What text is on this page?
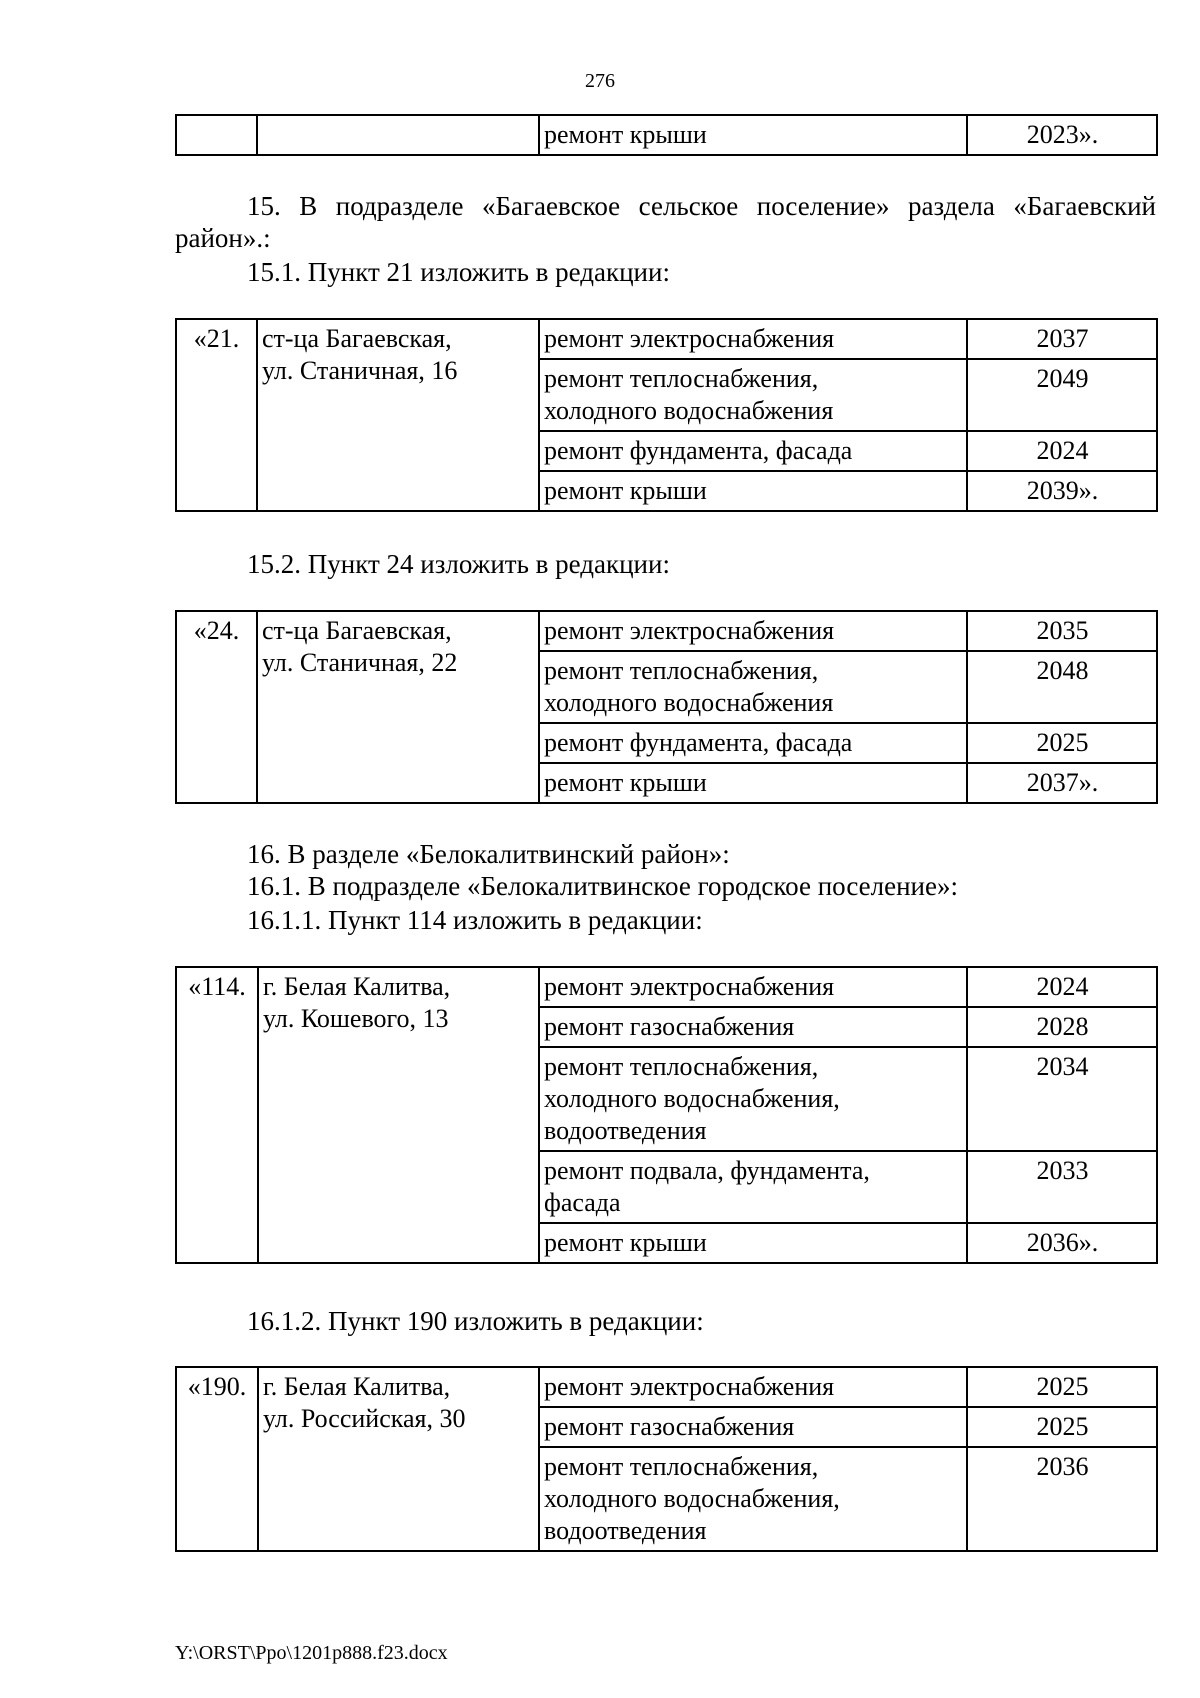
276
		ремонт крыши	2023».
15. В подразделе «Багаевское сельское поселение» раздела «Багаевский район».:
15.1. Пункт 21 изложить в редакции:
«21.	ст-ца Багаевская,
ул. Станичная, 16	ремонт электроснабжения	2037

		ремонт теплоснабжения,
холодного водоснабжения	2049
		ремонт фундамента, фасада	2024
		ремонт крыши	2039».
15.2. Пункт 24 изложить в редакции:
«24.	ст-ца Багаевская,
ул. Станичная, 22	ремонт электроснабжения	2035

		ремонт теплоснабжения,
холодного водоснабжения	2048
		ремонт фундамента, фасада	2025
		ремонт крыши	2037».
16. В разделе «Белокалитвинский район»:
16.1. В подразделе «Белокалитвинское городское поселение»:
16.1.1. Пункт 114 изложить в редакции:
«114.	г. Белая Калитва,
ул. Кошевого, 13	ремонт электроснабжения	2024
		ремонт газоснабжения	2028

		ремонт теплоснабжения,
холодного водоснабжения,
водоотведения	2034

		ремонт подвала, фундамента,
фасада	2033
		ремонт крыши	2036».
16.1.2. Пункт 190 изложить в редакции:
«190.	г. Белая Калитва,
ул. Российская, 30	ремонт электроснабжения	2025
		ремонт газоснабжения	2025

		ремонт теплоснабжения,
холодного водоснабжения,
водоотведения	2036
Y:\ORST\Ppo\1201p888.f23.docx
